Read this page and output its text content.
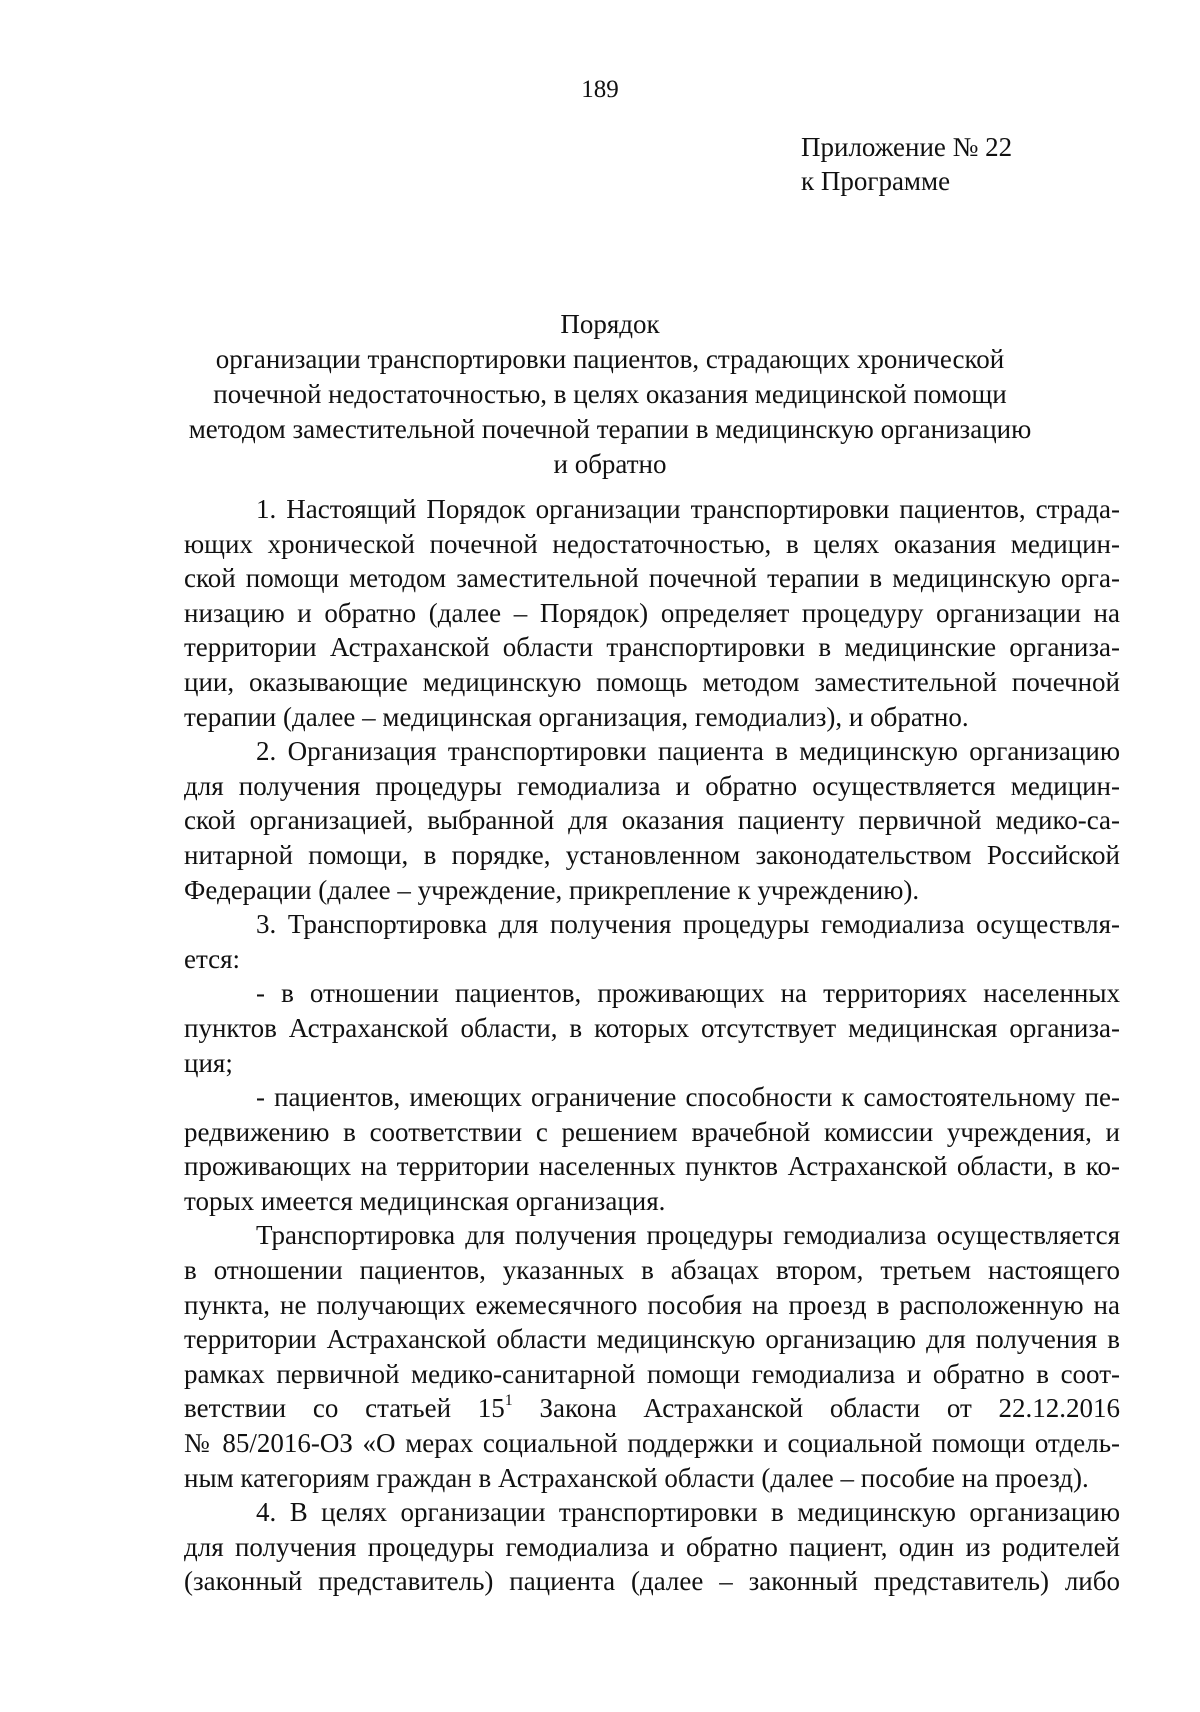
189
Приложение № 22
к Программе
Порядок
организации транспортировки пациентов, страдающих хронической
почечной недостаточностью, в целях оказания медицинской помощи
методом заместительной почечной терапии в медицинскую организацию
и обратно
1. Настоящий Порядок организации транспортировки пациентов, страда-
ющих хронической почечной недостаточностью, в целях оказания медицин-
ской помощи методом заместительной почечной терапии в медицинскую орга-
низацию и обратно (далее – Порядок) определяет процедуру организации на
территории Астраханской области транспортировки в медицинские организа-
ции, оказывающие медицинскую помощь методом заместительной почечной
терапии (далее – медицинская организация, гемодиализ), и обратно.
2. Организация транспортировки пациента в медицинскую организацию
для получения процедуры гемодиализа и обратно осуществляется медицин-
ской организацией, выбранной для оказания пациенту первичной медико-са-
нитарной помощи, в порядке, установленном законодательством Российской
Федерации (далее – учреждение, прикрепление к учреждению).
3. Транспортировка для получения процедуры гемодиализа осуществля-
ется:
- в отношении пациентов, проживающих на территориях населенных
пунктов Астраханской области, в которых отсутствует медицинская организа-
ция;
- пациентов, имеющих ограничение способности к самостоятельному пе-
редвижению в соответствии с решением врачебной комиссии учреждения, и
проживающих на территории населенных пунктов Астраханской области, в ко-
торых имеется медицинская организация.
Транспортировка для получения процедуры гемодиализа осуществляется
в отношении пациентов, указанных в абзацах втором, третьем настоящего
пункта, не получающих ежемесячного пособия на проезд в расположенную на
территории Астраханской области медицинскую организацию для получения в
рамках первичной медико-санитарной помощи гемодиализа и обратно в соот-
ветствии со статьей $15^1$ Закона Астраханской области от 22.12.2016
№ 85/2016-ОЗ «О мерах социальной поддержки и социальной помощи отдель-
ным категориям граждан в Астраханской области (далее – пособие на проезд).
4. В целях организации транспортировки в медицинскую организацию
для получения процедуры гемодиализа и обратно пациент, один из родителей
(законный представитель) пациента (далее – законный представитель) либо
